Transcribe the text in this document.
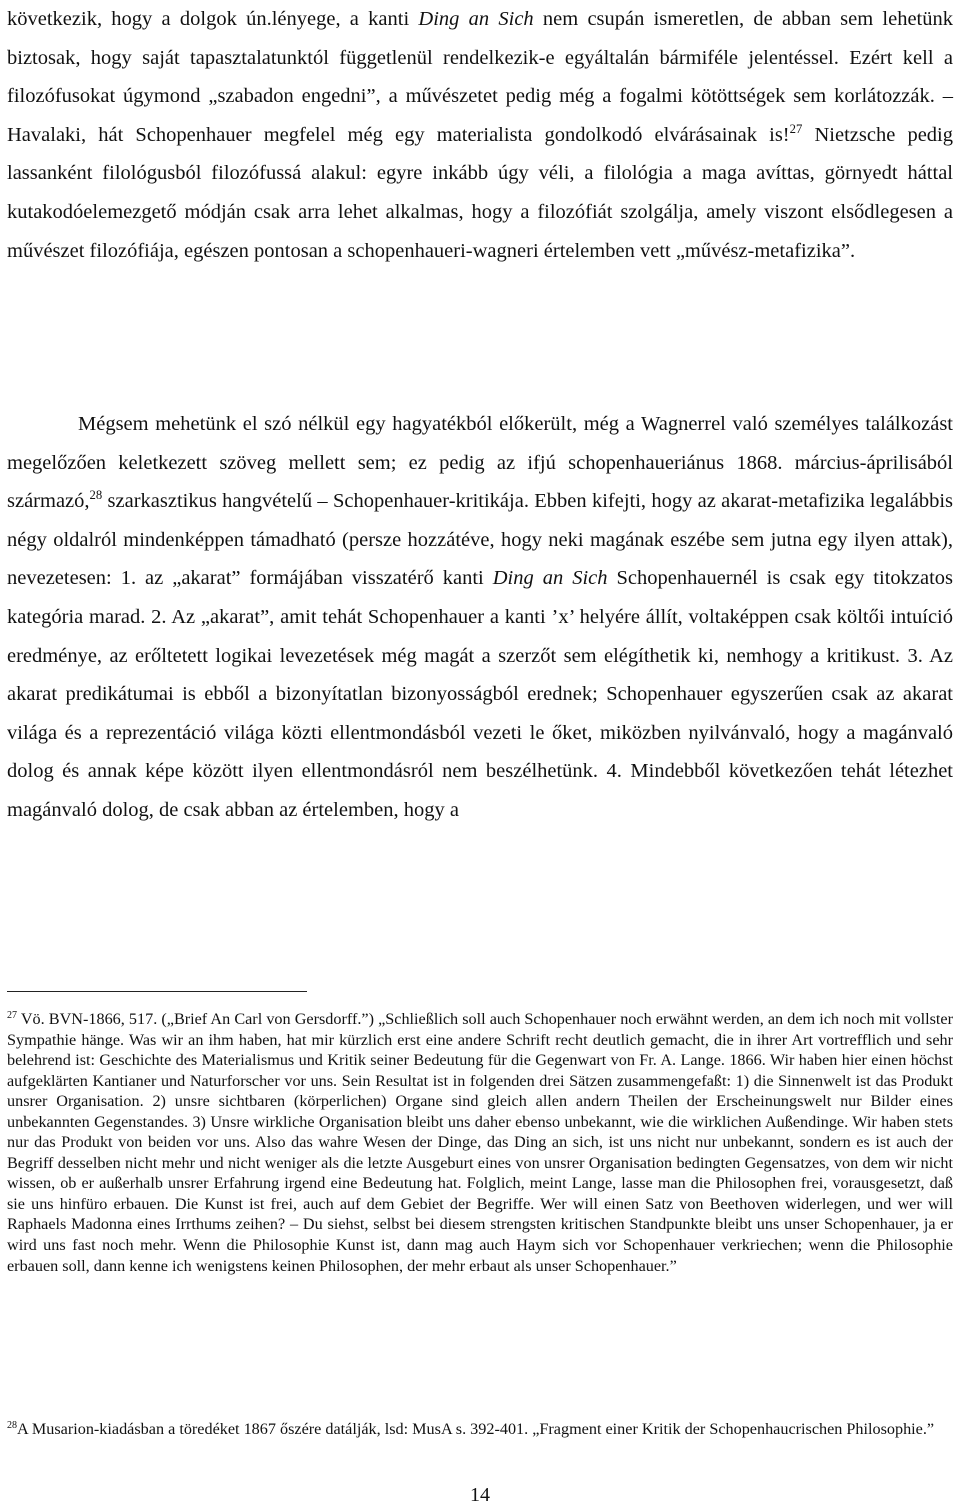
következik, hogy a dolgok ún.lényege, a kanti Ding an Sich nem csupán ismeretlen, de abban sem lehetünk biztosak, hogy saját tapasztalatunktól függetlenül rendelkezik-e egyáltalán bármiféle jelentéssel. Ezért kell a filozófusokat úgymond „szabadon engedni”, a művészetet pedig még a fogalmi kötöttségek sem korlátozzák. – Havalaki, hát Schopenhauer megfelel még egy materialista gondolkodó elvárásainak is!$^{27}$ Nietzsche pedig lassanként filológusból filozófussá alakul: egyre inkább úgy véli, a filológia a maga avíttas, görnyedt háttal kutakodóelemezgető módján csak arra lehet alkalmas, hogy a filozófiát szolgálja, amely viszont elsődlegesen a művészet filozófiája, egészen pontosan a schopenhaueri-wagneri értelemben vett „művész-metafizika”.

Mégsem mehetünk el szó nélkül egy hagyatékból előkerült, még a Wagnerrel való személyes találkozást megelőzően keletkezett szöveg mellett sem; ez pedig az ifjú schopenhaueriánus 1868. március-áprilisából származó,$^{28}$ szarkasztikus hangvételű – Schopenhauer-kritikája. Ebben kifejti, hogy az akarat-metafizika legalábbis négy oldalról mindenképpen támadható (persze hozzátéve, hogy neki magának eszébe sem jutna egy ilyen attak), nevezetesen: 1. az „akarat” formájában visszatérő kanti Ding an Sich Schopenhauernél is csak egy titokzatos kategória marad. 2. Az „akarat”, amit tehát Schopenhauer a kanti ’x’ helyére állít, voltaképpen csak költői intuíció eredménye, az erőltetett logikai levezetések még magát a szerzőt sem elégíthetik ki, nemhogy a kritikust. 3. Az akarat predikátumai is ebből a bizonyítatlan bizonyosságból erednek; Schopenhauer egyszerűen csak az akarat világa és a reprezentáció világa közti ellentmondásból vezeti le őket, miközben nyilvánvaló, hogy a magánvaló dolog és annak képe között ilyen ellentmondásról nem beszélhetünk. 4. Mindebből következően tehát létezhet magánvaló dolog, de csak abban az értelemben, hogy a

$^{27}$ Vö. BVN-1866, 517. („Brief An Carl von Gersdorff.”) „Schließlich soll auch Schopenhauer noch erwähnt werden, an dem ich noch mit vollster Sympathie hänge. Was wir an ihm haben, hat mir kürzlich erst eine andere Schrift recht deutlich gemacht, die in ihrer Art vortrefflich und sehr belehrend ist: Geschichte des Materialismus und Kritik seiner Bedeutung für die Gegenwart von Fr. A. Lange. 1866. Wir haben hier einen höchst aufgeklärten Kantianer und Naturforscher vor uns. Sein Resultat ist in folgenden drei Sätzen zusammengefaßt: 1) die Sinnenwelt ist das Produkt unsrer Organisation. 2) unsre sichtbaren (körperlichen) Organe sind gleich allen andern Theilen der Erscheinungswelt nur Bilder eines unbekannten Gegenstandes. 3) Unsre wirkliche Organisation bleibt uns daher ebenso unbekannt, wie die wirklichen Außendinge. Wir haben stets nur das Produkt von beiden vor uns. Also das wahre Wesen der Dinge, das Ding an sich, ist uns nicht nur unbekannt, sondern es ist auch der Begriff desselben nicht mehr und nicht weniger als die letzte Ausgeburt eines von unsrer Organisation bedingten Gegensatzes, von dem wir nicht wissen, ob er außerhalb unsrer Erfahrung irgend eine Bedeutung hat. Folglich, meint Lange, lasse man die Philosophen frei, vorausgesetzt, daß sie uns hinfüro erbauen. Die Kunst ist frei, auch auf dem Gebiet der Begriffe. Wer will einen Satz von Beethoven widerlegen, und wer will Raphaels Madonna eines Irrthums zeihen? – Du siehst, selbst bei diesem strengsten kritischen Standpunkte bleibt uns unser Schopenhauer, ja er wird uns fast noch mehr. Wenn die Philosophie Kunst ist, dann mag auch Haym sich vor Schopenhauer verkriechen; wenn die Philosophie erbauen soll, dann kenne ich wenigstens keinen Philosophen, der mehr erbaut als unser Schopenhauer.”

$^{28}$A Musarion-kiadásban a töredéket 1867 őszére datálják, lsd: MusA s. 392-401. „Fragment einer Kritik der Schopenhaucrischen Philosophie.”

14
